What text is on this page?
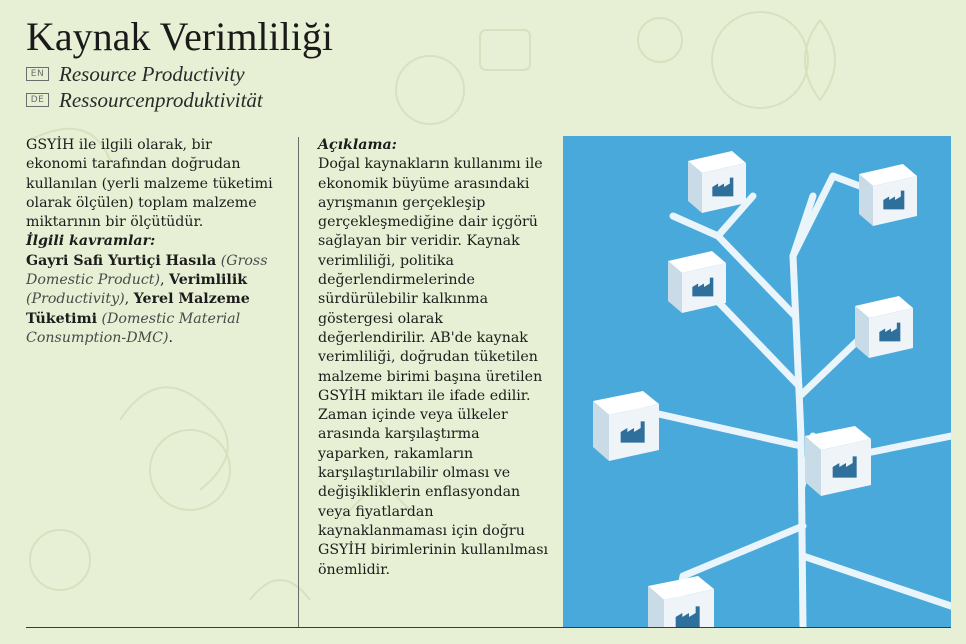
Kaynak Verimliliği
EN Resource Productivity
DE Ressourcenproduktivität

GSYİH ile ilgili olarak, bir ekonomi tarafından doğrudan kullanılan (yerli malzeme tüketimi olarak ölçülen) toplam malzeme miktarının bir ölçütüdür.

İlgili kavramlar:

Gayri Safi Yurtiçi Hasıla (Gross Domestic Product), Verimlilik (Productivity), Yerel Malzeme Tüketimi (Domestic Material Consumption-DMC).

Açıklama:

Doğal kaynakların kullanımı ile ekonomik büyüme arasındaki ayrışmanın gerçekleşip gerçekleşmediğine dair içgörü sağlayan bir veridir. Kaynak verimliliği, politika değerlendirmelerinde sürdürülebilir kalkınma göstergesi olarak değerlendirilir. AB'de kaynak verimliliği, doğrudan tüketilen malzeme birimi başına üretilen GSYİH miktarı ile ifade edilir. Zaman içinde veya ülkeler arasında karşılaştırma yaparken, rakamların karşılaştırılabilir olması ve değişikliklerin enflasyondan veya fiyatlardan kaynaklanmaması için doğru GSYİH birimlerinin kullanılması önemlidir.
